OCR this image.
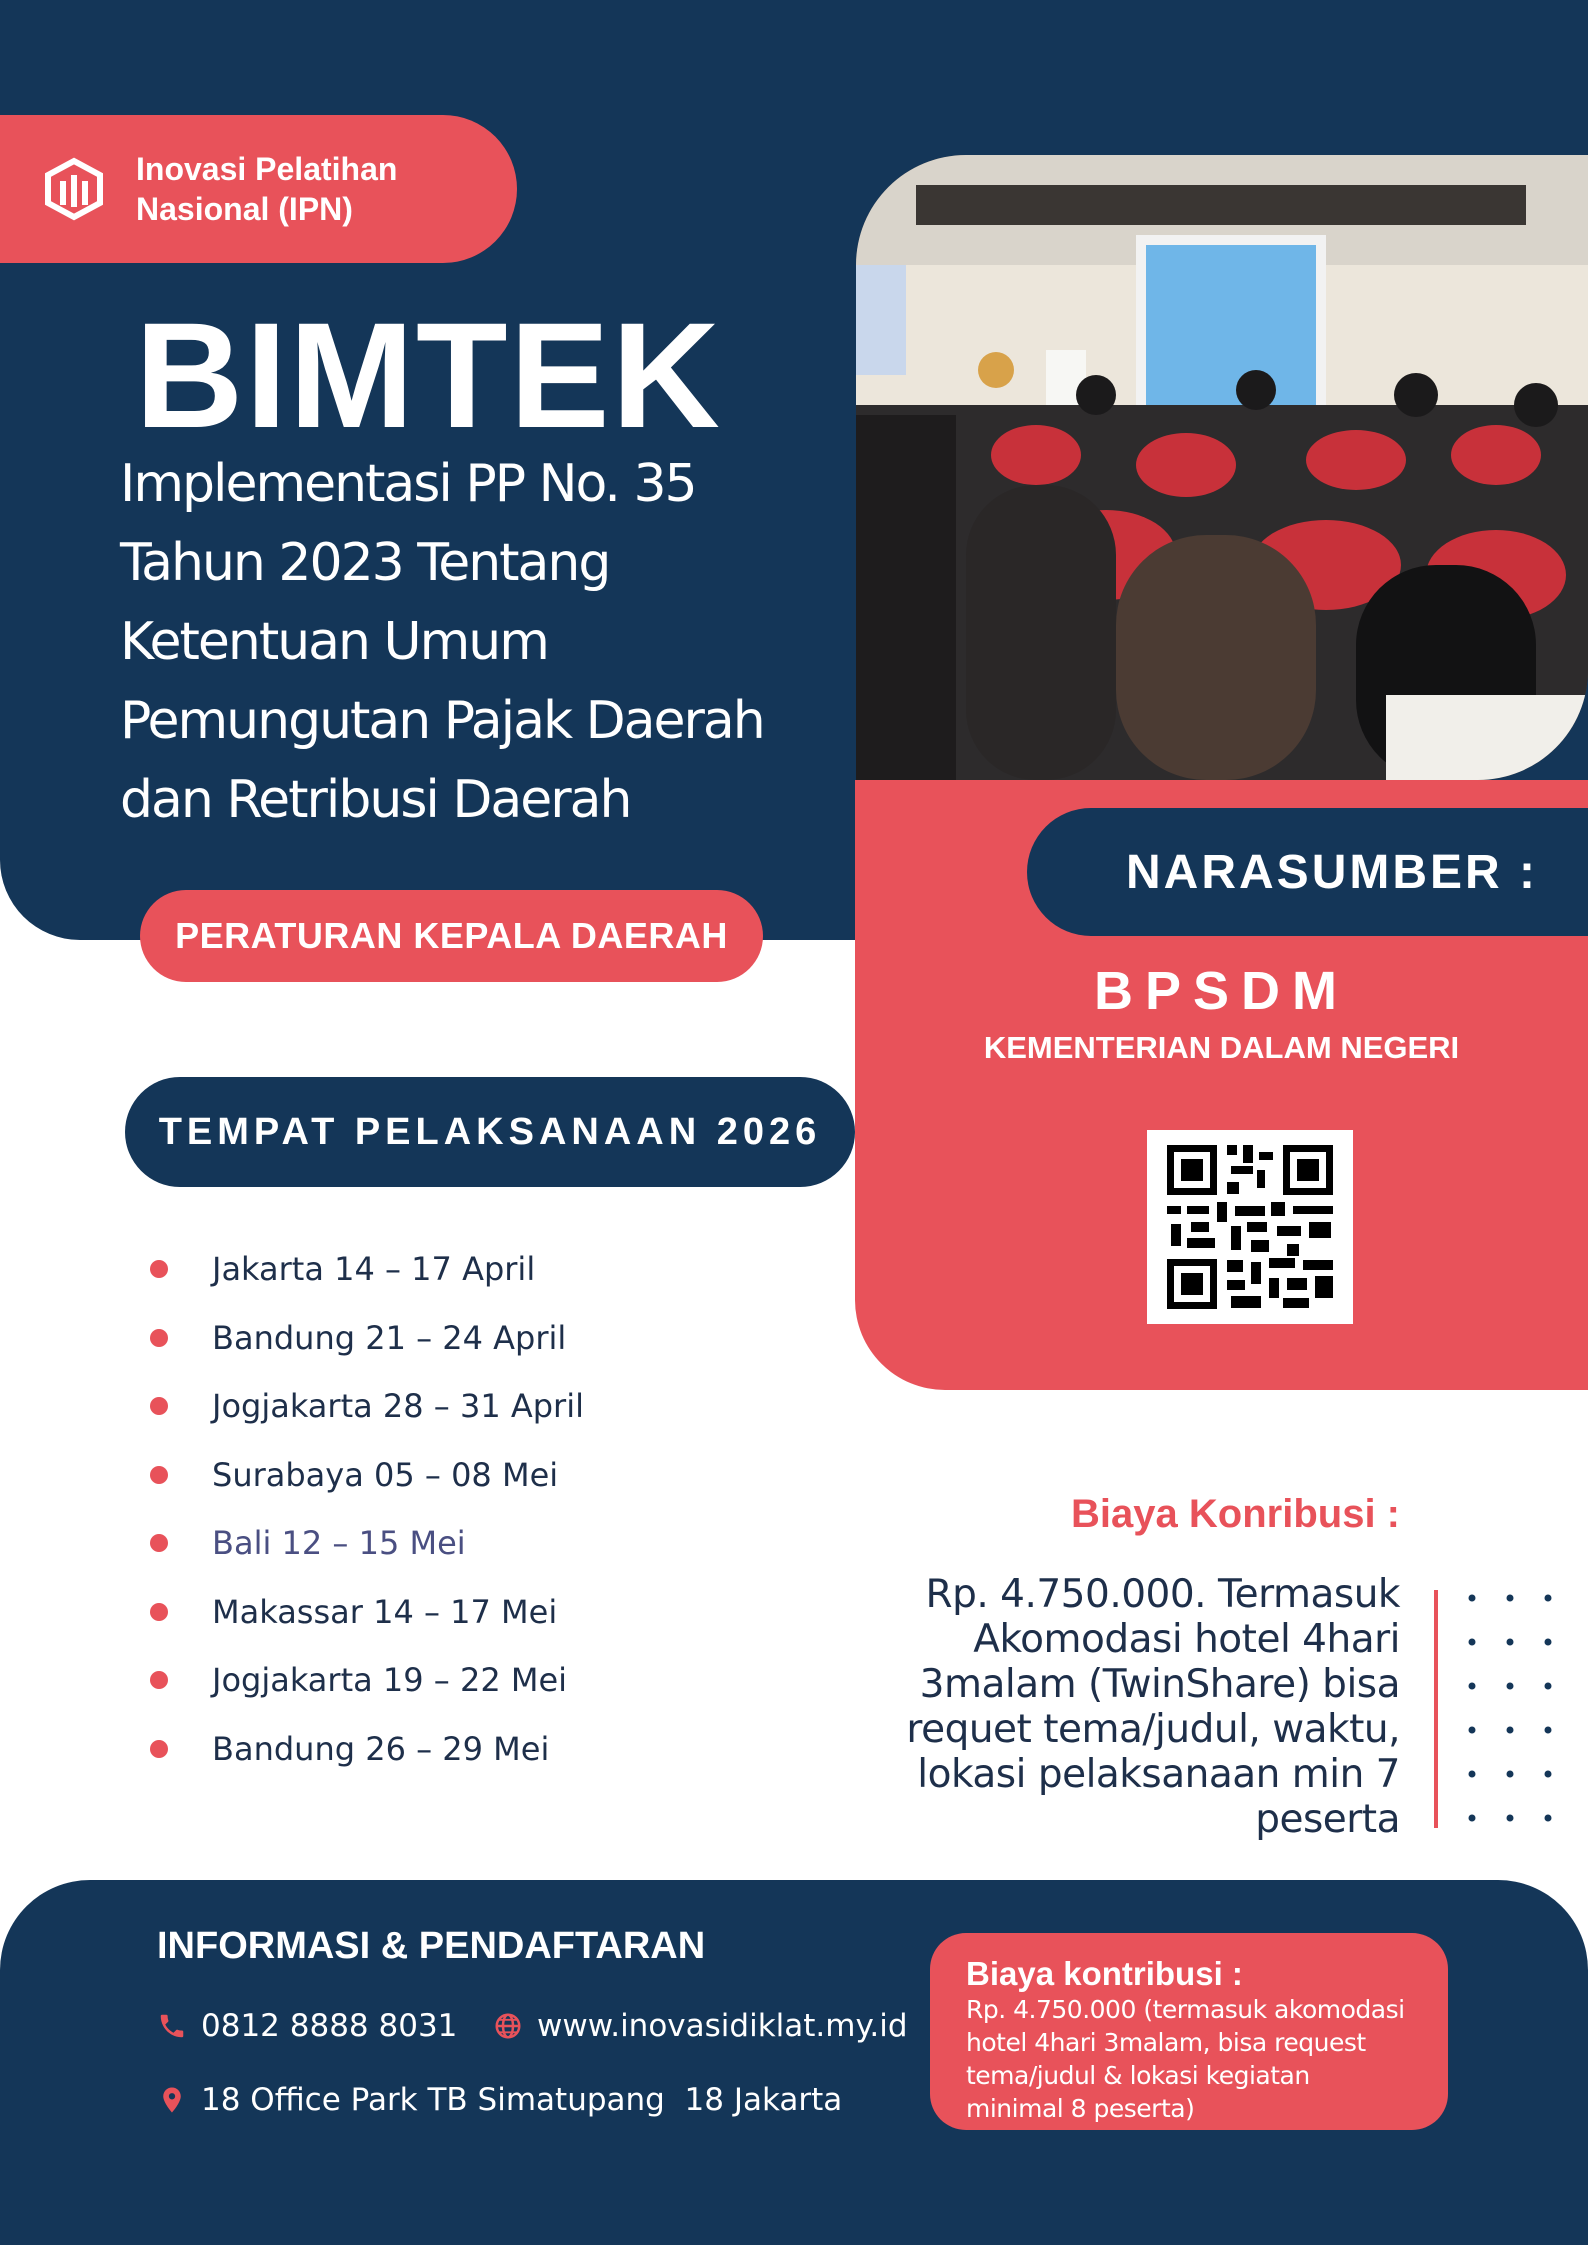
Inovasi Pelatihan
Nasional (IPN)
BIMTEK
Implementasi PP No. 35
Tahun 2023 Tentang
Ketentuan Umum
Pemungutan Pajak Daerah
dan Retribusi Daerah
PERATURAN KEPALA DAERAH
NARASUMBER :
BPSDM
KEMENTERIAN DALAM NEGERI
TEMPAT PELAKSANAAN 2026
Jakarta 14 – 17 April
Bandung 21 – 24 April
Jogjakarta 28 – 31 April
Surabaya 05 – 08 Mei
Bali 12 – 15 Mei
Makassar 14 – 17 Mei
Jogjakarta 19 – 22 Mei
Bandung 26 – 29 Mei
Biaya Konribusi :
Rp. 4.750.000. Termasuk Akomodasi hotel 4hari 3malam (TwinShare) bisa requet tema/judul, waktu, lokasi pelaksanaan min 7 peserta
INFORMASI & PENDAFTARAN
0812 8888 8031	www.inovasidiklat.my.id
18 Office Park TB Simatupang  18 Jakarta
Biaya kontribusi :
Rp. 4.750.000 (termasuk akomodasi hotel 4hari 3malam, bisa request tema/judul & lokasi kegiatan minimal 8 peserta)
